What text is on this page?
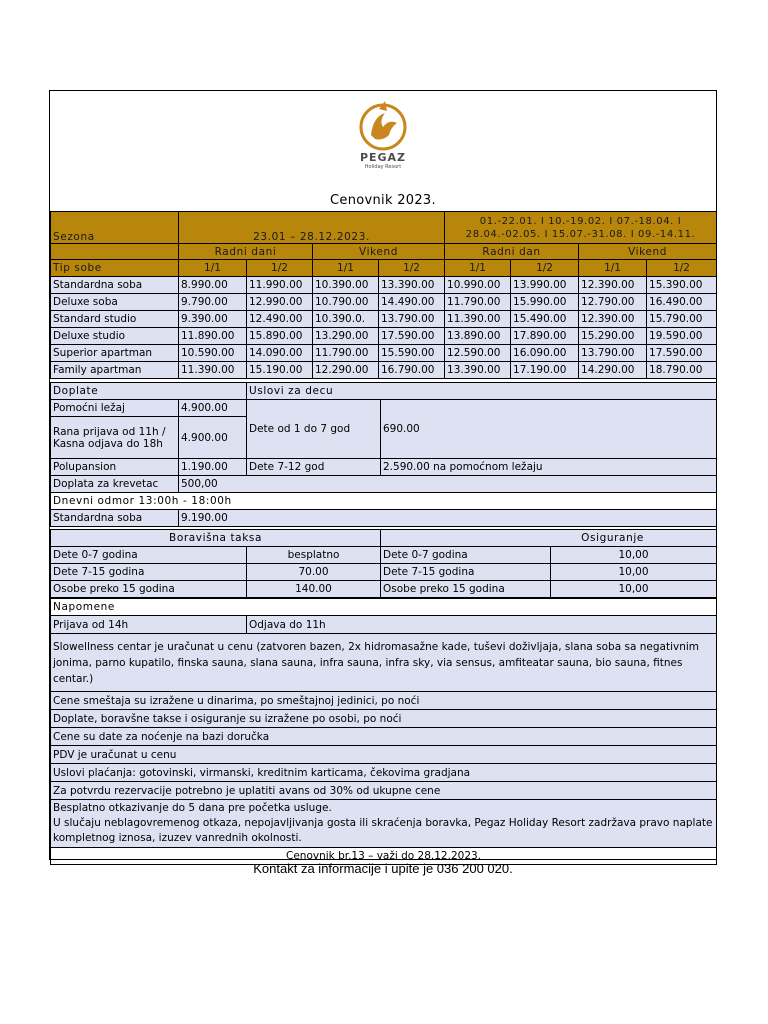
PEGAZ
Holiday Resort
Cenovnik 2023.
Sezona	23.01 – 28.12.2023.				01.-22.01. I 10.-19.02. I 07.-18.04. I 28.04.-02.05. I 15.07.-31.08. I 09.-14.11.			
	Radni dani		Vikend		Radni dan		Vikend	
Tip sobe	1/1	1/2	1/1	1/2	1/1	1/2	1/1	1/2
Standardna soba	8.990.00	11.990.00	10.390.00	13.390.00	10.990.00	13.990.00	12.390.00	15.390.00
Deluxe soba	9.790.00	12.990.00	10.790.00	14.490.00	11.790.00	15.990.00	12.790.00	16.490.00
Standard studio	9.390.00	12.490.00	10.390.0.	13.790.00	11.390.00	15.490.00	12.390.00	15.790.00
Deluxe studio	11.890.00	15.890.00	13.290.00	17.590.00	13.890.00	17.890.00	15.290.00	19.590.00
Superior apartman	10.590.00	14.090.00	11.790.00	15.590.00	12.590.00	16.090.00	13.790.00	17.590.00
Family apartman	11.390.00	15.190.00	12.290.00	16.790.00	13.390.00	17.190.00	14.290.00	18.790.00
Doplate		Uslovi za decu	
Pomoćni ležaj	4.900.00	Dete od 1 do 7 god	690.00
Rana prijava od 11h / Kasna odjava do 18h	4.900.00		
Polupansion	1.190.00	Dete 7-12 god	2.590.00 na pomoćnom ležaju
Doplata za krevetac	500,00		
Dnevni odmor 13:00h - 18:00h			
Standardna soba	9.190.00		
Boravišna taksa		Osiguranje	
Dete 0-7 godina	besplatno	Dete 0-7 godina	10,00
Dete 7-15 godina	70.00	Dete 7-15 godina	10,00
Osobe preko 15 godina	140.00	Osobe preko 15 godina	10,00
Napomene
Prijava od 14h	Odjava do 11h
Slowellness centar je uračunat u cenu (zatvoren bazen, 2x hidromasažne kade, tuševi doživljaja, slana soba sa negativnim jonima, parno kupatilo, finska sauna, slana sauna, infra sauna, infra sky, via sensus, amfiteatar sauna, bio sauna, fitnes centar.)
Cene smeštaja su izražene u dinarima, po smeštajnoj jedinici, po noći
Doplate, boravšne takse i osiguranje su izražene po osobi, po noći
Cene su date za noćenje na bazi doručka
PDV je uračunat u cenu
Uslovi plaćanja: gotovinski, virmanski, kreditnim karticama, čekovima gradjana
Za potvrdu rezervacije potrebno je uplatiti avans od 30% od ukupne cene
Besplatno otkazivanje do 5 dana pre početka usluge.
U slučaju neblagovremenog otkaza, nepojavljivanja gosta ili skraćenja boravka, Pegaz Holiday Resort zadržava pravo naplate kompletnog iznosa, izuzev vanrednih okolnosti.
Cenovnik br.13 – važi do 28.12.2023.
Kontakt za informacije i upite je 036 200 020.
